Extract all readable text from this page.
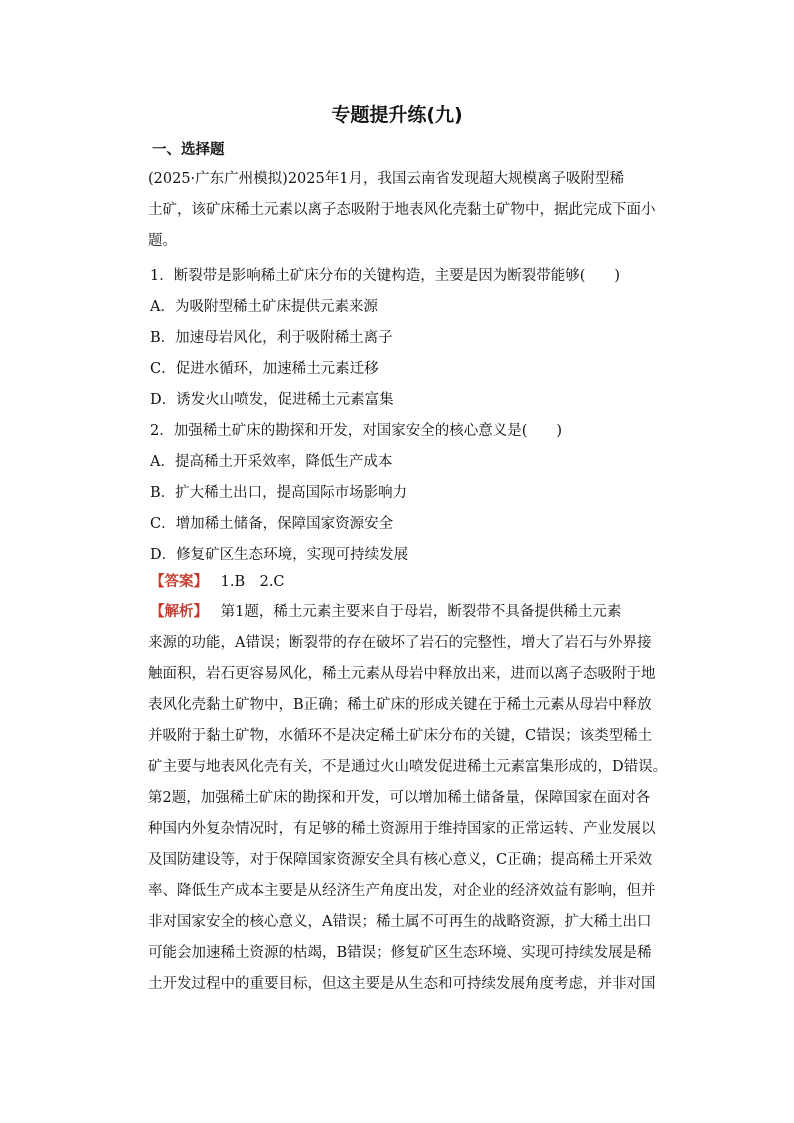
专题提升练(九)
一、选择题

(2025·广东广州模拟)2025年1月，我国云南省发现超大规模离子吸附型稀

土矿，该矿床稀土元素以离子态吸附于地表风化壳黏土矿物中，据此完成下面小

题。

1．断裂带是影响稀土矿床分布的关键构造，主要是因为断裂带能够(　　)
A．为吸附型稀土矿床提供元素来源
B．加速母岩风化，利于吸附稀土离子
C．促进水循环，加速稀土元素迁移
D．诱发火山喷发，促进稀土元素富集
2．加强稀土矿床的勘探和开发，对国家安全的核心意义是(　　)
A．提高稀土开采效率，降低生产成本
B．扩大稀土出口，提高国际市场影响力
C．增加稀土储备，保障国家资源安全
D．修复矿区生态环境，实现可持续发展
【答案】 1.B　2.C

【解析】 第1题，稀土元素主要来自于母岩，断裂带不具备提供稀土元素

来源的功能，A错误；断裂带的存在破坏了岩石的完整性，增大了岩石与外界接

触面积，岩石更容易风化，稀土元素从母岩中释放出来，进而以离子态吸附于地

表风化壳黏土矿物中，B正确；稀土矿床的形成关键在于稀土元素从母岩中释放

并吸附于黏土矿物，水循环不是决定稀土矿床分布的关键，C错误；该类型稀土

矿主要与地表风化壳有关，不是通过火山喷发促进稀土元素富集形成的，D错误。

第2题，加强稀土矿床的勘探和开发，可以增加稀土储备量，保障国家在面对各

种国内外复杂情况时，有足够的稀土资源用于维持国家的正常运转、产业发展以

及国防建设等，对于保障国家资源安全具有核心意义，C正确；提高稀土开采效

率、降低生产成本主要是从经济生产角度出发，对企业的经济效益有影响，但并

非对国家安全的核心意义，A错误；稀土属不可再生的战略资源，扩大稀土出口

可能会加速稀土资源的枯竭，B错误；修复矿区生态环境、实现可持续发展是稀

土开发过程中的重要目标，但这主要是从生态和可持续发展角度考虑，并非对国
